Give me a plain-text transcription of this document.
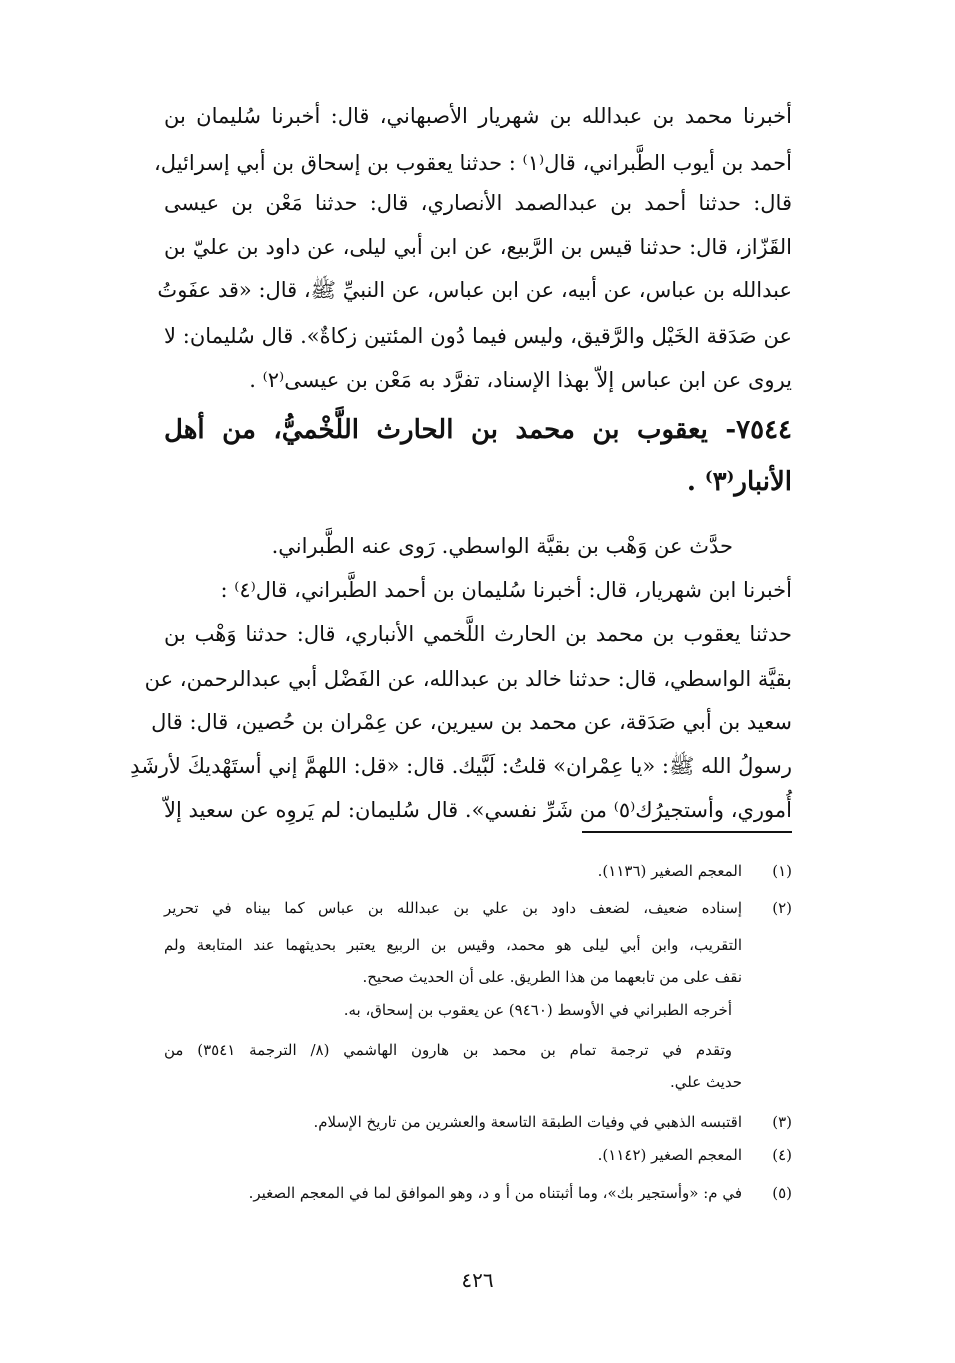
أخبرنا محمد بن عبدالله بن شهريار الأصبهاني، قال: أخبرنا سُليمان بن
أحمد بن أيوب الطَّبراني، قال⁽١⁾ : حدثنا يعقوب بن إسحاق بن أبي إسرائيل،
قال: حدثنا أحمد بن عبدالصمد الأنصاري، قال: حدثنا مَعْن بن عيسى
القَزّاز، قال: حدثنا قيس بن الرَّبيع، عن ابن أبي ليلى، عن داود بن عليّ بن
عبدالله بن عباس، عن أبيه، عن ابن عباس، عن النبيِّ ﷺ، قال: «قد عفَوتُ
عن صَدَقة الخَيْل والرَّقيق، وليس فيما دُون المئتين زكاةٌ». قال سُليمان: لا
يروى عن ابن عباس إلاّ بهذا الإسناد، تفرَّد به مَعْن بن عيسى⁽٢⁾ .
٧٥٤٤- يعقوب بن محمد بن الحارث اللَّخْميُّ، من أهل
الأنبار⁽٣⁾ .
حدَّث عن وَهْب بن بقيَّة الواسطي. رَوى عنه الطَّبراني.
أخبرنا ابن شهريار، قال: أخبرنا سُليمان بن أحمد الطَّبراني، قال⁽٤⁾ :
حدثنا يعقوب بن محمد بن الحارث اللَّخمي الأنباري، قال: حدثنا وَهْب بن
بقيَّة الواسطي، قال: حدثنا خالد بن عبدالله، عن الفَضْل أبي عبدالرحمن، عن
سعيد بن أبي صَدَقة، عن محمد بن سيرين، عن عِمْران بن حُصين، قال: قال
رسولُ الله ﷺ: «يا عِمْران» قلتُ: لَبَّيك. قال: «قل: اللهمَّ إني أستَهْديكَ لأرشَدِ
أُموري، وأستجيرُك⁽٥⁾ من شَرِّ نفسي». قال سُليمان: لم يَروِه عن سعيد إلاّ
(١)
المعجم الصغير (١١٣٦).
(٢)
إسناده ضعيف، لضعف داود بن علي بن عبدالله بن عباس كما بيناه في تحرير
التقريب، وابن أبي ليلى هو محمد، وقيس بن الربيع يعتبر بحديثهما عند المتابعة ولم
نقف على من تابعهما من هذا الطريق. على أن الحديث صحيح.
أخرجه الطبراني في الأوسط (٩٤٦٠) عن يعقوب بن إسحاق، به.
وتقدم في ترجمة تمام بن محمد بن هارون الهاشمي (٨/ الترجمة ٣٥٤١) من
حديث علي.
(٣)
اقتبسه الذهبي في وفيات الطبقة التاسعة والعشرين من تاريخ الإسلام.
(٤)
المعجم الصغير (١١٤٢).
(٥)
في م: «وأستجير بك»، وما أثبتناه من أ و د، وهو الموافق لما في المعجم الصغير.
٤٢٦
